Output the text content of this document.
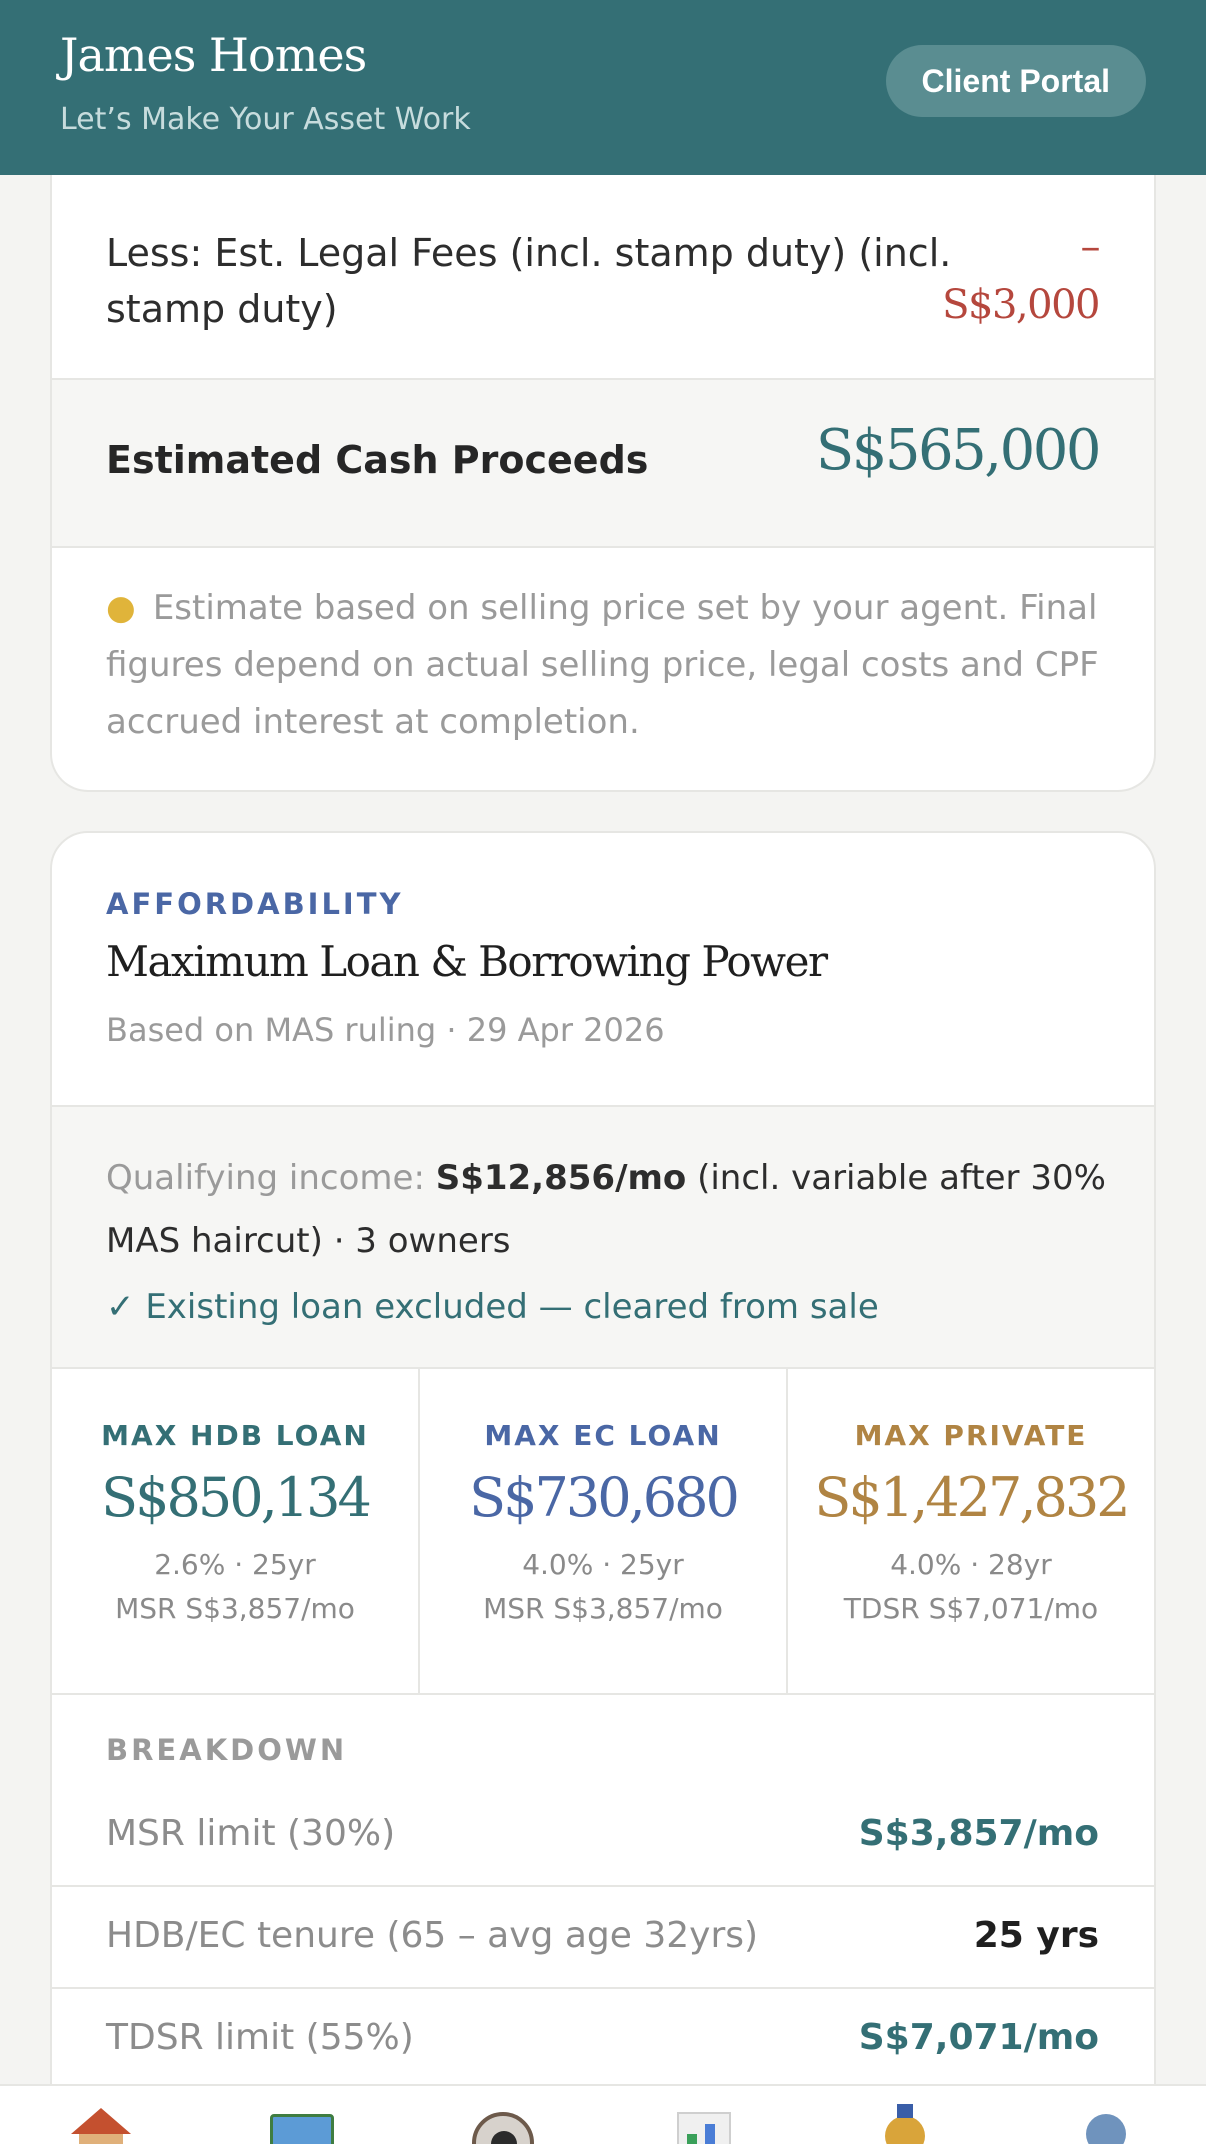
James Homes
Let’s Make Your Asset Work
Client Portal
Less: Est. Legal Fees (incl. stamp duty) (incl. stamp duty)
–
S$3,000
Estimated Cash Proceeds	S$565,000
● Estimate based on selling price set by your agent. Final figures depend on actual selling price, legal costs and CPF accrued interest at completion.
AFFORDABILITY
Maximum Loan & Borrowing Power
Based on MAS ruling · 29 Apr 2026
Qualifying income: S$12,856/mo (incl. variable after 30% MAS haircut) · 3 owners
✓ Existing loan excluded — cleared from sale
MAX HDB LOAN
S$850,134
2.6% · 25yr
MSR S$3,857/mo
MAX EC LOAN
S$730,680
4.0% · 25yr
MSR S$3,857/mo
MAX PRIVATE
S$1,427,832
4.0% · 28yr
TDSR S$7,071/mo
BREAKDOWN
MSR limit (30%)	S$3,857/mo
HDB/EC tenure (65 – avg age 32yrs)	25 yrs
TDSR limit (55%)	S$7,071/mo
